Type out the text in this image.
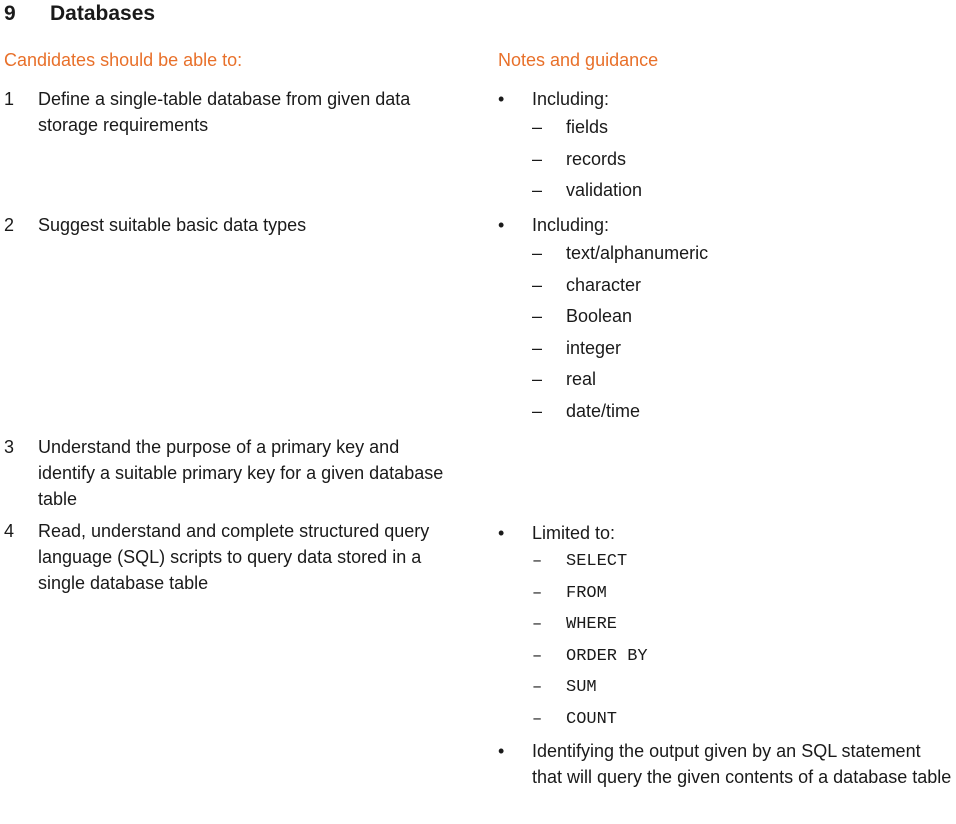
9 Databases
Candidates should be able to:	Notes and guidance
1 Define a single-table database from given data storage requirements
2 Suggest suitable basic data types
3 Understand the purpose of a primary key and identify a suitable primary key for a given database table
4 Read, understand and complete structured query language (SQL) scripts to query data stored in a single database table
• Including:
– fields
– records
– validation
• Including:
– text/alphanumeric
– character
– Boolean
– integer
– real
– date/time
• Limited to:
– SELECT
– FROM
– WHERE
– ORDER BY
– SUM
– COUNT
• Identifying the output given by an SQL statement that will query the given contents of a database table
